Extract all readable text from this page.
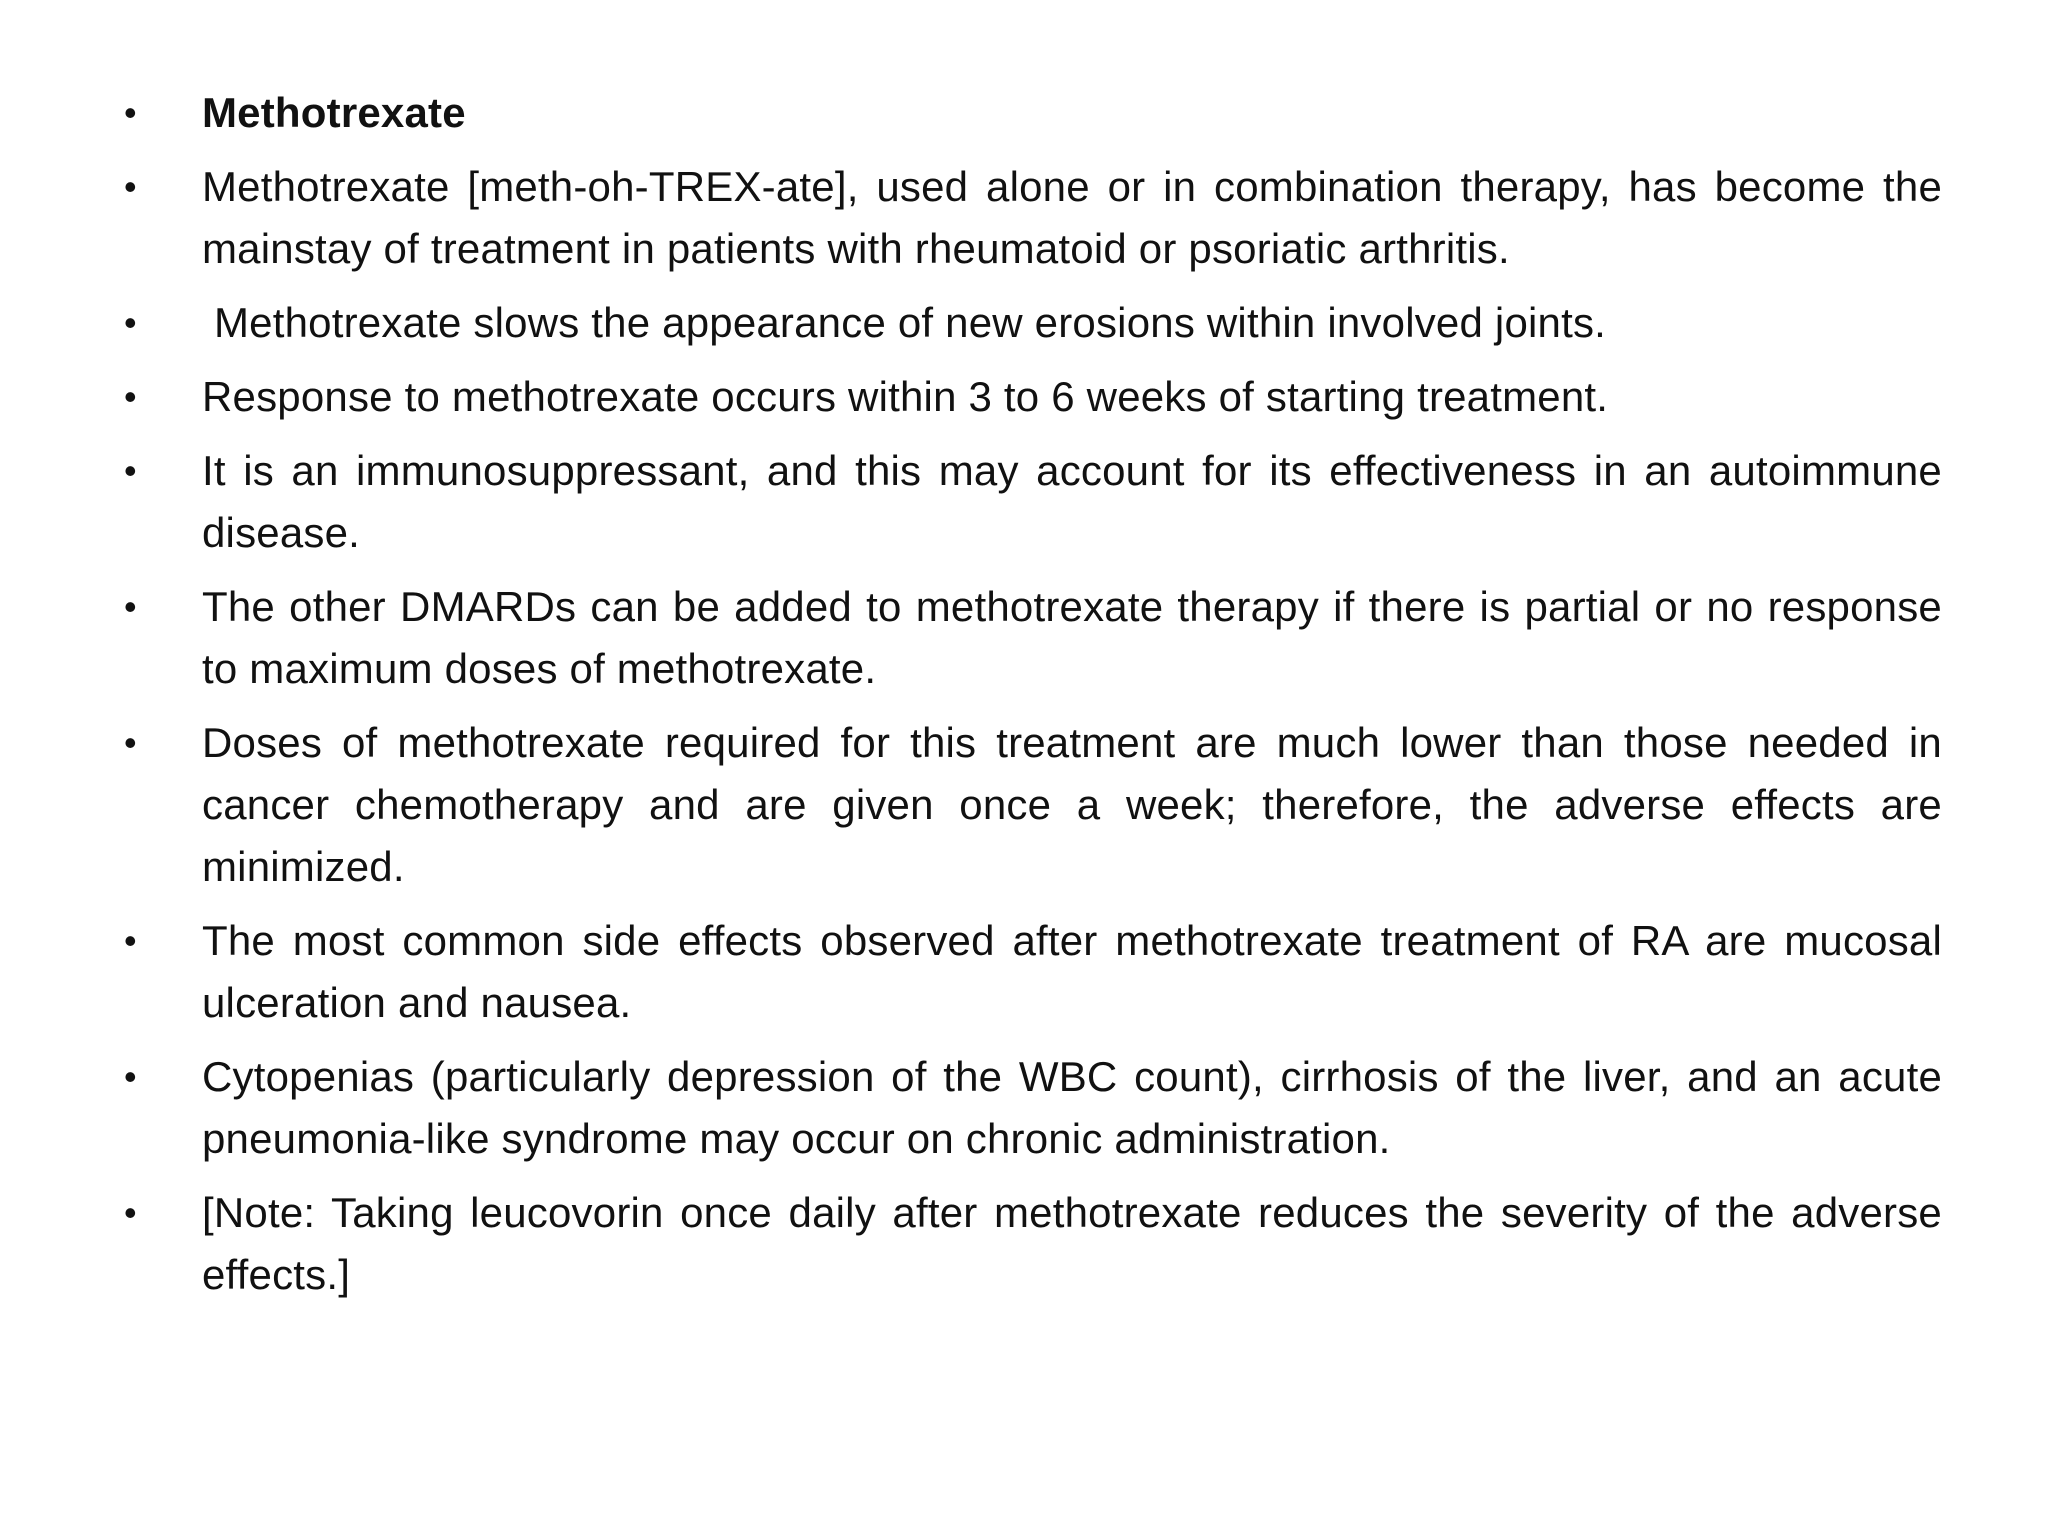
•	Methotrexate
•	Methotrexate [meth-oh-TREX-ate], used alone or in combination therapy, has become the mainstay of treatment in patients with rheumatoid or psoriatic arthritis.
•	Methotrexate slows the appearance of new erosions within involved joints.
•	Response to methotrexate occurs within 3 to 6 weeks of starting treatment.
•	It is an immunosuppressant, and this may account for its effectiveness in an autoimmune disease.
•	The other DMARDs can be added to methotrexate therapy if there is partial or no response to maximum doses of methotrexate.
•	Doses of methotrexate required for this treatment are much lower than those needed in cancer chemotherapy and are given once a week; therefore, the adverse effects are minimized.
•	The most common side effects observed after methotrexate treatment of RA are mucosal ulceration and nausea.
•	Cytopenias (particularly depression of the WBC count), cirrhosis of the liver, and an acute pneumonia-like syndrome may occur on chronic administration.
•	[Note: Taking leucovorin once daily after methotrexate reduces the severity of the adverse effects.]
